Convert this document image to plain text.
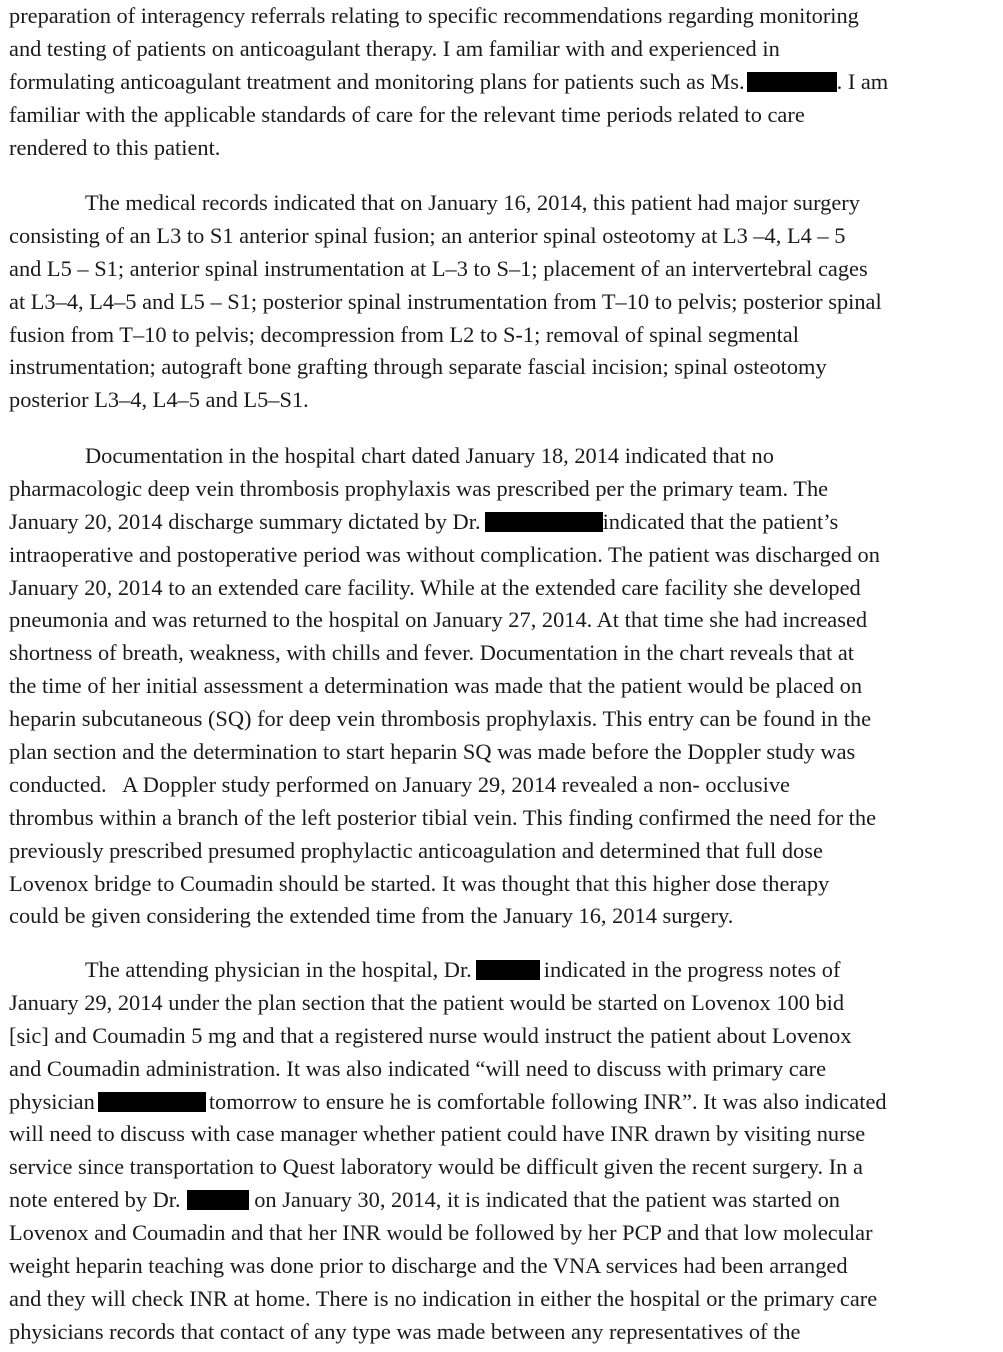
preparation of interagency referrals relating to specific recommendations regarding monitoring
and testing of patients on anticoagulant therapy. I am familiar with and experienced in
formulating anticoagulant treatment and monitoring plans for patients such as Ms.	. I am
familiar with the applicable standards of care for the relevant time periods related to care
rendered to this patient.
The medical records indicated that on January 16, 2014, this patient had major surgery
consisting of an L3 to S1 anterior spinal fusion; an anterior spinal osteotomy at L3 –4, L4 – 5
and L5 – S1; anterior spinal instrumentation at L–3 to S–1; placement of an intervertebral cages
at L3–4, L4–5 and L5 – S1; posterior spinal instrumentation from T–10 to pelvis; posterior spinal
fusion from T–10 to pelvis; decompression from L2 to S-1; removal of spinal segmental
instrumentation; autograft bone grafting through separate fascial incision; spinal osteotomy
posterior L3–4, L4–5 and L5–S1.
Documentation in the hospital chart dated January 18, 2014 indicated that no
pharmacologic deep vein thrombosis prophylaxis was prescribed per the primary team. The
January 20, 2014 discharge summary dictated by Dr.	indicated that the patient’s
intraoperative and postoperative period was without complication. The patient was discharged on
January 20, 2014 to an extended care facility. While at the extended care facility she developed
pneumonia and was returned to the hospital on January 27, 2014. At that time she had increased
shortness of breath, weakness, with chills and fever. Documentation in the chart reveals that at
the time of her initial assessment a determination was made that the patient would be placed on
heparin subcutaneous (SQ) for deep vein thrombosis prophylaxis. This entry can be found in the
plan section and the determination to start heparin SQ was made before the Doppler study was
conducted.   A Doppler study performed on January 29, 2014 revealed a non- occlusive
thrombus within a branch of the left posterior tibial vein. This finding confirmed the need for the
previously prescribed presumed prophylactic anticoagulation and determined that full dose
Lovenox bridge to Coumadin should be started. It was thought that this higher dose therapy
could be given considering the extended time from the January 16, 2014 surgery.
The attending physician in the hospital, Dr.	indicated in the progress notes of
January 29, 2014 under the plan section that the patient would be started on Lovenox 100 bid
[sic] and Coumadin 5 mg and that a registered nurse would instruct the patient about Lovenox
and Coumadin administration. It was also indicated “will need to discuss with primary care
physician	tomorrow to ensure he is comfortable following INR”. It was also indicated
will need to discuss with case manager whether patient could have INR drawn by visiting nurse
service since transportation to Quest laboratory would be difficult given the recent surgery. In a
note entered by Dr.	on January 30, 2014, it is indicated that the patient was started on
Lovenox and Coumadin and that her INR would be followed by her PCP and that low molecular
weight heparin teaching was done prior to discharge and the VNA services had been arranged
and they will check INR at home. There is no indication in either the hospital or the primary care
physicians records that contact of any type was made between any representatives of the
